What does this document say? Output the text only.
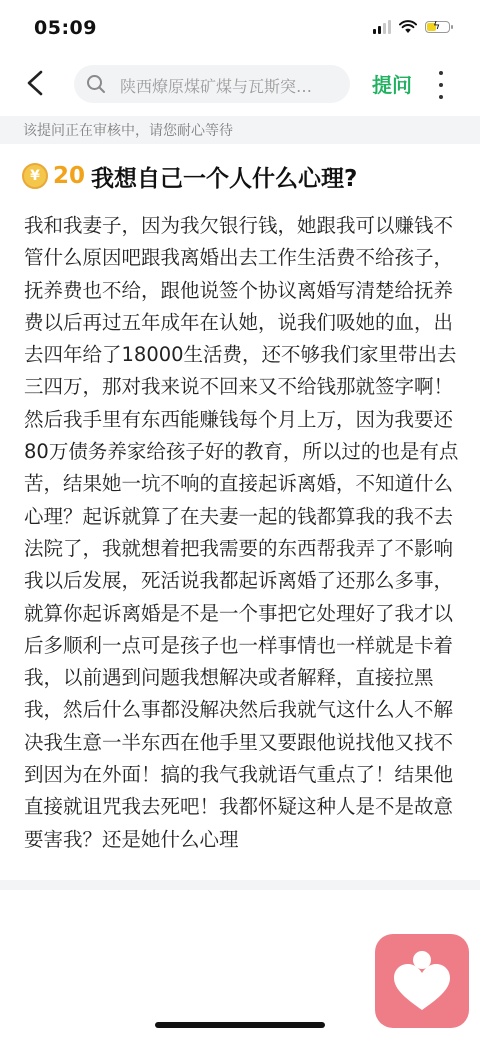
05:09	ϟ
陕西燎原煤矿煤与瓦斯突…	提问
该提问正在审核中，请您耐心等待
¥ 20 我想自己一个人什么心理?
我和我妻子，因为我欠银行钱，她跟我可以赚钱不管什么原因吧跟我离婚出去工作生活费不给孩子，抚养费也不给，跟他说签个协议离婚写清楚给抚养费以后再过五年成年在认她，说我们吸她的血，出去四年给了18000生活费，还不够我们家里带出去三四万，那对我来说不回来又不给钱那就签字啊！然后我手里有东西能赚钱每个月上万，因为我要还80万债务养家给孩子好的教育，所以过的也是有点苦，结果她一坑不响的直接起诉离婚，不知道什么心理？起诉就算了在夫妻一起的钱都算我的我不去法院了，我就想着把我需要的东西帮我弄了不影响我以后发展，死活说我都起诉离婚了还那么多事，就算你起诉离婚是不是一个事把它处理好了我才以后多顺利一点可是孩子也一样事情也一样就是卡着我，以前遇到问题我想解决或者解释，直接拉黑我，然后什么事都没解决然后我就气这什么人不解决我生意一半东西在他手里又要跟他说找他又找不到因为在外面！搞的我气我就语气重点了！结果他直接就诅咒我去死吧！我都怀疑这种人是不是故意要害我？还是她什么心理
